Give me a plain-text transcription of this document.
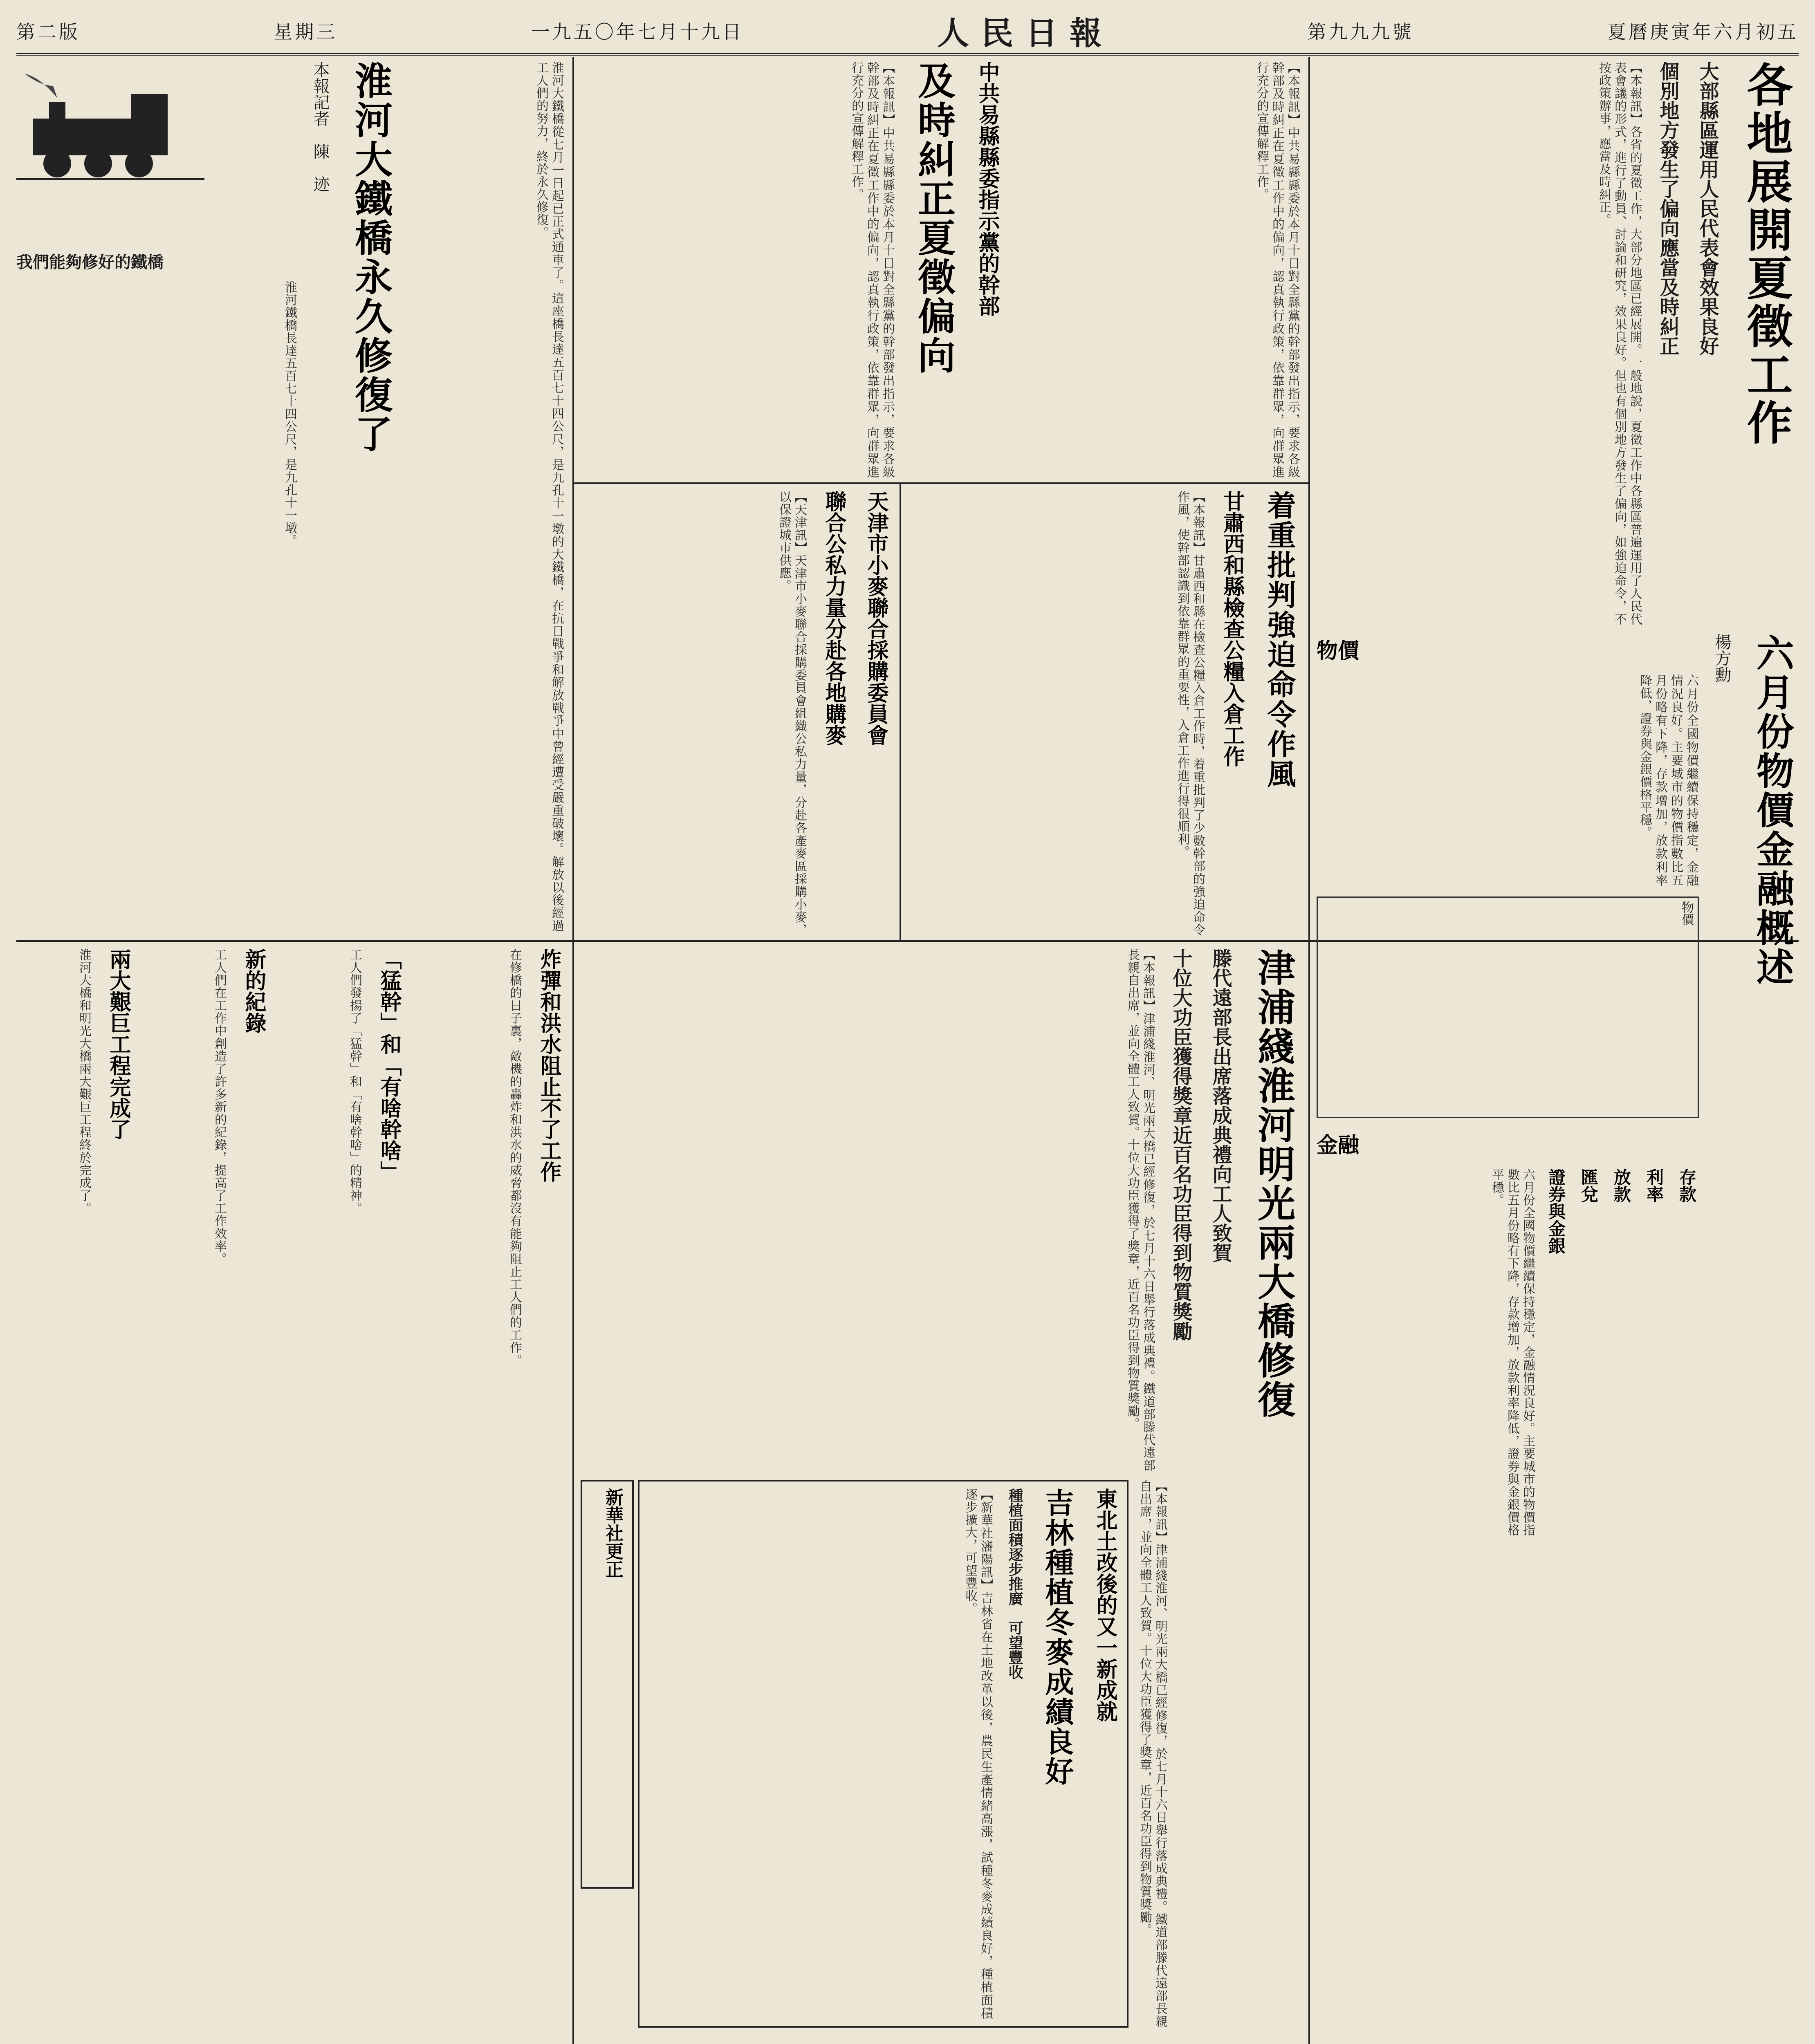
第二版	星期三	一九五〇年七月十九日	人民日報	第九九九號	夏曆庚寅年六月初五
各地展開夏徵工作
大部縣區運用人民代表會效果良好
個別地方發生了偏向應當及時糾正
【本報訊】各省的夏徵工作，大部分地區已經展開。一般地說，夏徵工作中各縣區普遍運用了人民代表會議的形式，進行了動員、討論和研究，效果良好。但也有個別地方發生了偏向，如強迫命令，不按政策辦事，應當及時糾正。
【本報訊】中共易縣縣委於本月十日對全縣黨的幹部發出指示，要求各級幹部及時糾正在夏徵工作中的偏向，認真執行政策，依靠群眾，向群眾進行充分的宣傳解釋工作。
中共易縣縣委指示黨的幹部
及時糾正夏徵偏向
【本報訊】中共易縣縣委於本月十日對全縣黨的幹部發出指示，要求各級幹部及時糾正在夏徵工作中的偏向，認真執行政策，依靠群眾，向群眾進行充分的宣傳解釋工作。
淮河大鐵橋從七月一日起已正式通車了。這座橋長達五百七十四公尺，是九孔十一墩的大鐵橋，在抗日戰爭和解放戰爭中曾經遭受嚴重破壞。解放以後經過工人們的努力，終於永久修復。
淮河大鐵橋永久修復了
本報記者　陳　迹
我們能夠修好的鐵橋
淮河鐵橋長達五百七十四公尺，是九孔十一墩。
着重批判強迫命令作風
甘肅西和縣檢查公糧入倉工作
【本報訊】甘肅西和縣在檢查公糧入倉工作時，着重批判了少數幹部的強迫命令作風，使幹部認識到依靠群眾的重要性，入倉工作進行得很順利。
天津市小麥聯合採購委員會
聯合公私力量分赴各地購麥
【天津訊】天津市小麥聯合採購委員會組織公私力量，分赴各產麥區採購小麥，以保證城市供應。
六月份物價金融概述
楊方勳
物價
六月份全國物價繼續保持穩定，金融情況良好。主要城市的物價指數比五月份略有下降，存款增加，放款利率降低，證券與金銀價格平穩。
物價
金融
存款
利率
放款
匯兌
證券與金銀
六月份全國物價繼續保持穩定，金融情況良好。主要城市的物價指數比五月份略有下降，存款增加，放款利率降低，證券與金銀價格平穩。
津浦綫淮河明光兩大橋修復
滕代遠部長出席落成典禮向工人致賀
十位大功臣獲得獎章近百名功臣得到物質獎勵
【本報訊】津浦綫淮河、明光兩大橋已經修復，於七月十六日舉行落成典禮。鐵道部滕代遠部長親自出席，並向全體工人致賀。十位大功臣獲得了獎章，近百名功臣得到物質獎勵。
炸彈和洪水阻止不了工作
在修橋的日子裏，敵機的轟炸和洪水的威脅都沒有能夠阻止工人們的工作。
「猛幹」和「有啥幹啥」
工人們發揚了「猛幹」和「有啥幹啥」的精神。
新的紀錄
工人們在工作中創造了許多新的紀錄，提高了工作效率。
兩大艱巨工程完成了
淮河大橋和明光大橋兩大艱巨工程終於完成了。
東北土改後的又一新成就
吉林種植冬麥成績良好
種植面積逐步推廣　可望豐收
【新華社瀋陽訊】吉林省在土地改革以後，農民生產情緒高漲，試種冬麥成績良好，種植面積逐步擴大，可望豐收。
新華社更正	【本報訊】津浦綫淮河、明光兩大橋已經修復，於七月十六日舉行落成典禮。鐵道部滕代遠部長親自出席，並向全體工人致賀。十位大功臣獲得了獎章，近百名功臣得到物質獎勵。
